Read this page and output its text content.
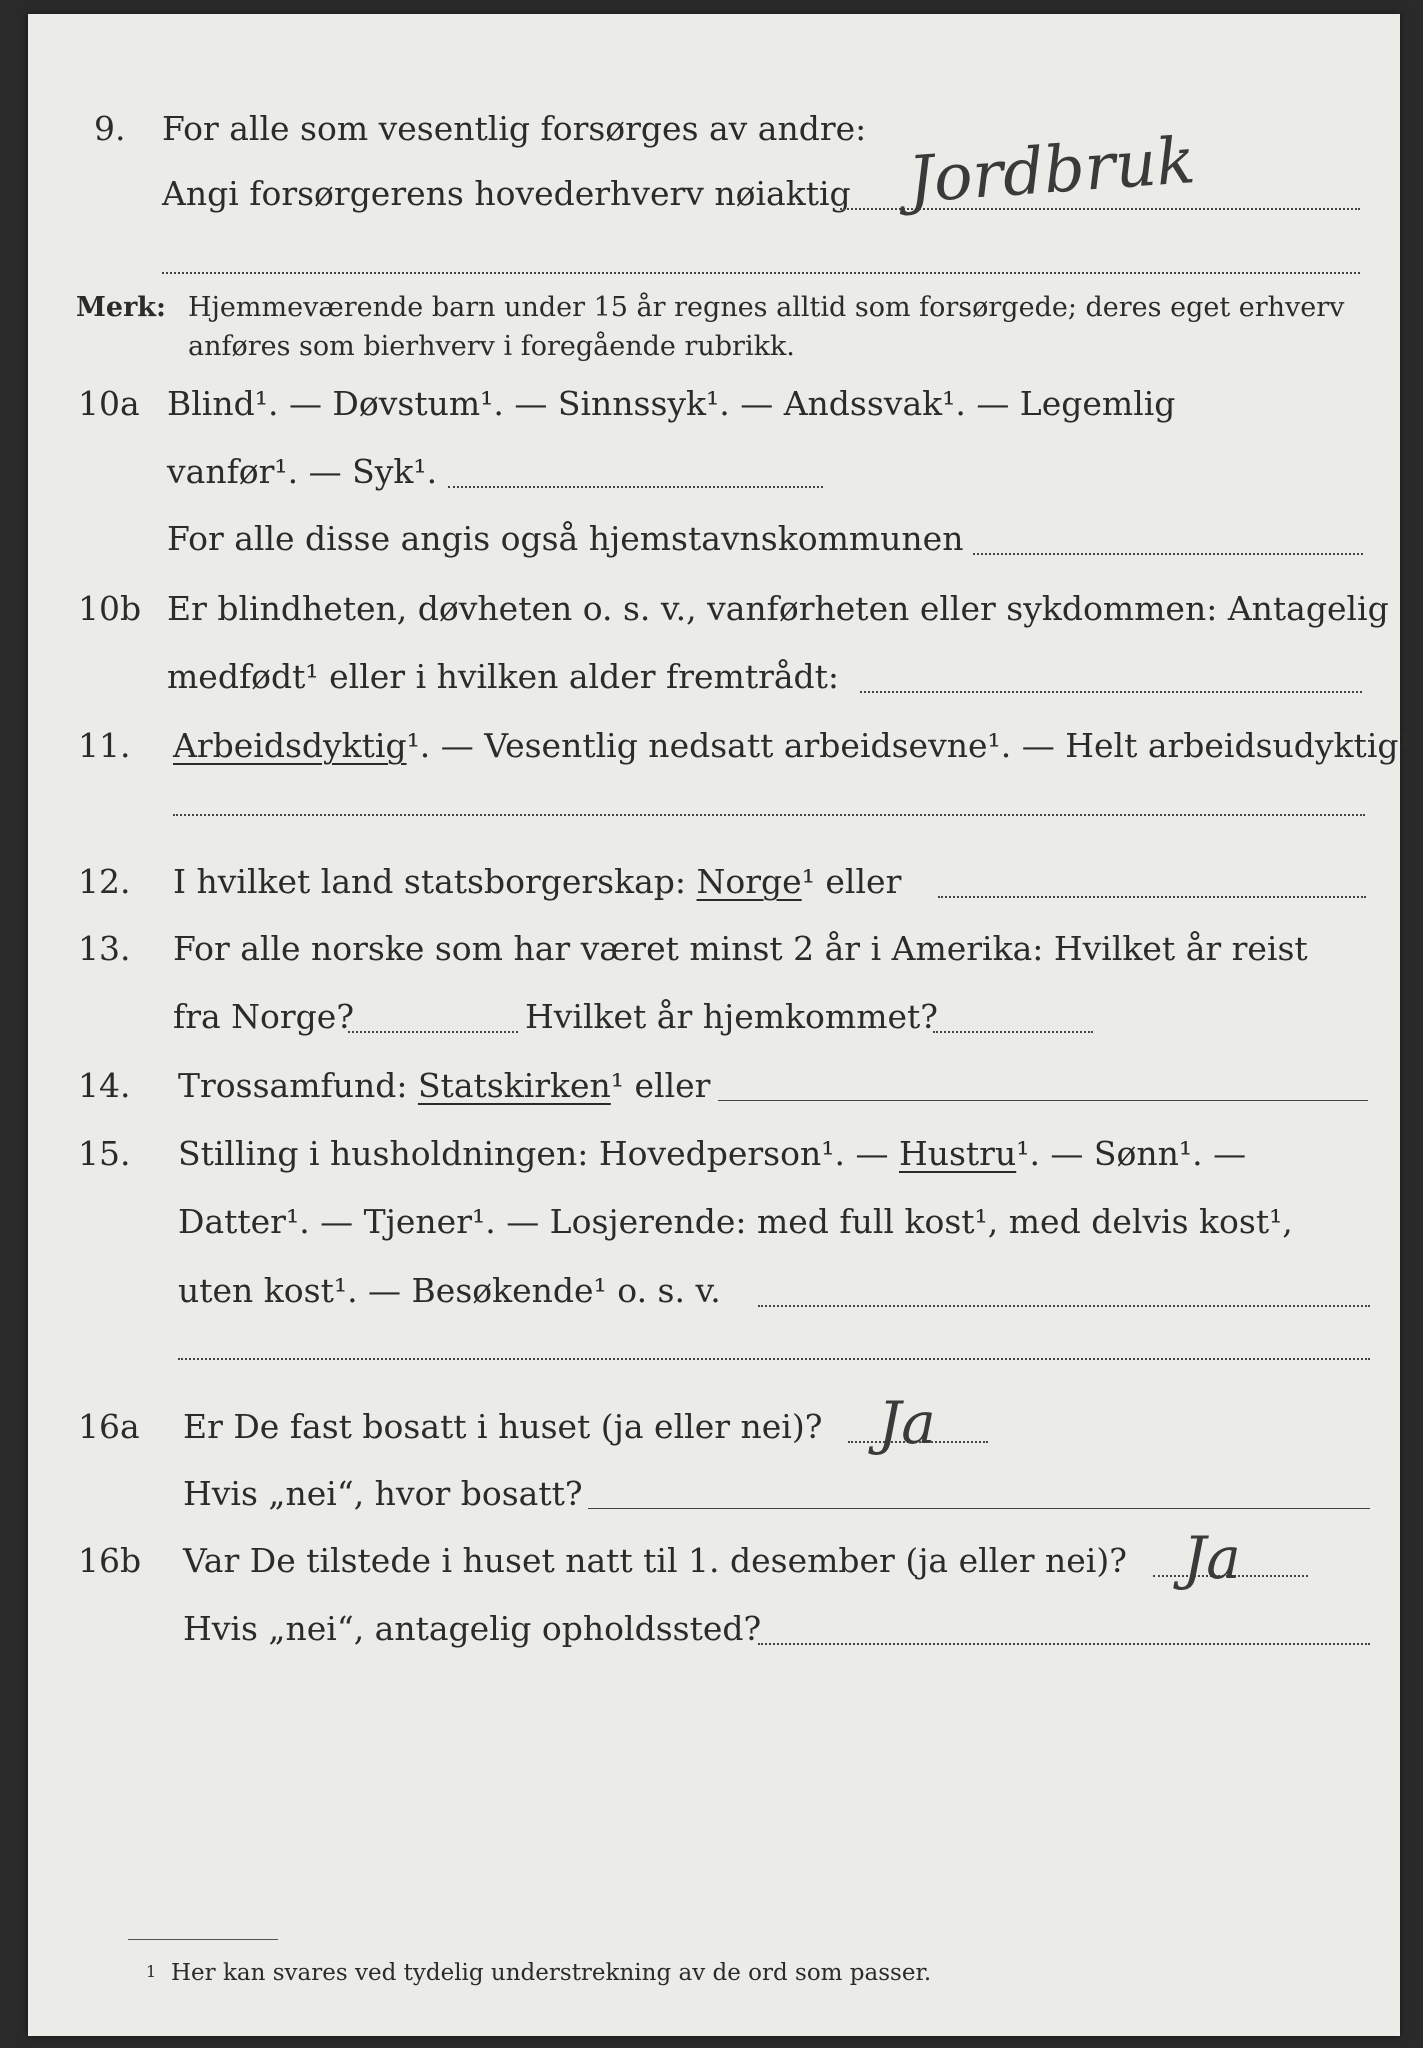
9.	For alle som vesentlig forsørges av andre:
Angi forsørgerens hovederhverv nøiaktig Jordbruk
Merk: Hjemmeværende barn under 15 år regnes alltid som forsørgede; deres eget erhverv
anføres som bierhverv i foregående rubrikk.
10a Blind¹. — Døvstum¹. — Sinnssyk¹. — Andssvak¹. — Legemlig
vanfør¹. — Syk¹.
For alle disse angis også hjemstavnskommunen
10b Er blindheten, døvheten o. s. v., vanførheten eller sykdommen: Antagelig
medfødt¹ eller i hvilken alder fremtrådt:
11.	Arbeidsdyktig¹. — Vesentlig nedsatt arbeidsevne¹. — Helt arbeidsudyktig¹.
12.	I hvilket land statsborgerskap: Norge¹ eller
13.	For alle norske som har været minst 2 år i Amerika: Hvilket år reist
fra Norge?	Hvilket år hjemkommet?
14.	Trossamfund: Statskirken¹ eller
15.	Stilling i husholdningen: Hovedperson¹. — Hustru¹. — Sønn¹. —
Datter¹. — Tjener¹. — Losjerende: med full kost¹, med delvis kost¹,
uten kost¹. — Besøkende¹ o. s. v.
16a	Er De fast bosatt i huset (ja eller nei)? Ja
Hvis „nei“, hvor bosatt?
16b	Var De tilstede i huset natt til 1. desember (ja eller nei)? Ja
Hvis „nei“, antagelig opholdssted?
1 Her kan svares ved tydelig understrekning av de ord som passer.
